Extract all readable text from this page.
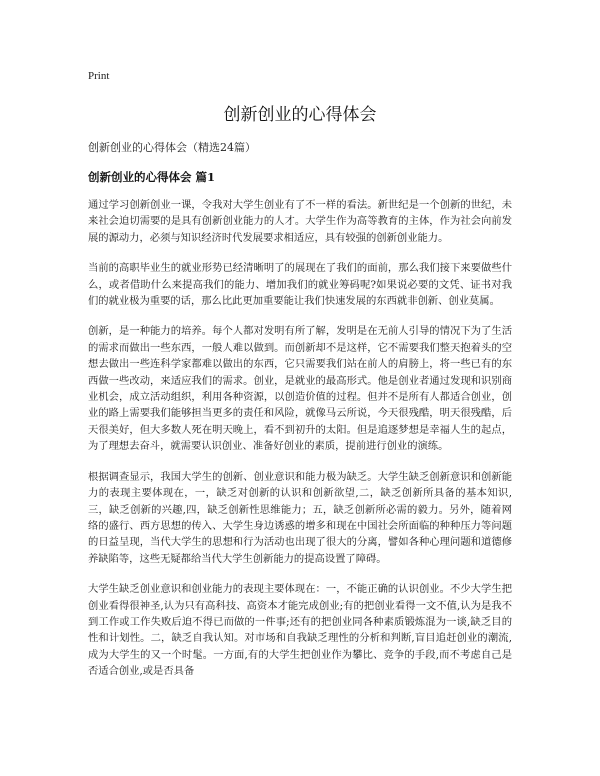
Print
创新创业的心得体会
创新创业的心得体会（精选24篇）
创新创业的心得体会 篇1

通过学习创新创业一课，令我对大学生创业有了不一样的看法。新世纪是一个创新的世纪，未来社会迫切需要的是具有创新创业能力的人才。大学生作为高等教育的主体，作为社会向前发展的源动力，必须与知识经济时代发展要求相适应，具有较强的创新创业能力。

当前的高职毕业生的就业形势已经清晰明了的展现在了我们的面前，那么我们接下来要做些什么，或者借助什么来提高我们的能力、增加我们的就业筹码呢?如果说必要的文凭、证书对我们的就业极为重要的话，那么比此更加重要能让我们快速发展的东西就非创新、创业莫属。

创新，是一种能力的培养。每个人都对发明有所了解，发明是在无前人引导的情况下为了生活的需求而做出一些东西，一般人难以做到。而创新却不是这样，它不需要我们整天抱着头的空想去做出一些连科学家都难以做出的东西，它只需要我们站在前人的肩膀上，将一些已有的东西做一些改动，来适应我们的需求。创业，是就业的最高形式。他是创业者通过发现和识别商业机会，成立活动组织，利用各种资源，以创造价值的过程。但并不是所有人都适合创业，创业的路上需要我们能够担当更多的责任和风险，就像马云所说，今天很残酷，明天很残酷，后天很美好，但大多数人死在明天晚上，看不到初升的太阳。但是追逐梦想是幸福人生的起点，为了理想去奋斗，就需要认识创业、准备好创业的素质，提前进行创业的演练。

根据调查显示，我国大学生的创新、创业意识和能力极为缺乏。大学生缺乏创新意识和创新能力的表现主要体现在，一，缺乏对创新的认识和创新欲望,二，缺乏创新所具备的基本知识,三，缺乏创新的兴趣,四，缺乏创新性思维能力；五，缺乏创新所必需的毅力。另外，随着网络的盛行、西方思想的传入、大学生身边诱惑的增多和现在中国社会所面临的种种压力等问题的日益呈现，当代大学生的思想和行为活动也出现了很大的分离，譬如各种心理问题和道德修养缺陷等，这些无疑都给当代大学生创新能力的提高设置了障碍。

大学生缺乏创业意识和创业能力的表现主要体现在：一，不能正确的认识创业。不少大学生把创业看得很神圣,认为只有高科技、高资本才能完成创业;有的把创业看得一文不值,认为是我不到工作或工作失败后迫不得已而做的一件事;还有的把创业同各种素质锻炼混为一谈,缺乏目的性和计划性。二，缺乏自我认知。对市场和自我缺乏理性的分析和判断,盲目追赶创业的潮流,成为大学生的又一个时髦。一方面,有的大学生把创业作为攀比、竞争的手段,而不考虑自己是否适合创业,或是否具备
